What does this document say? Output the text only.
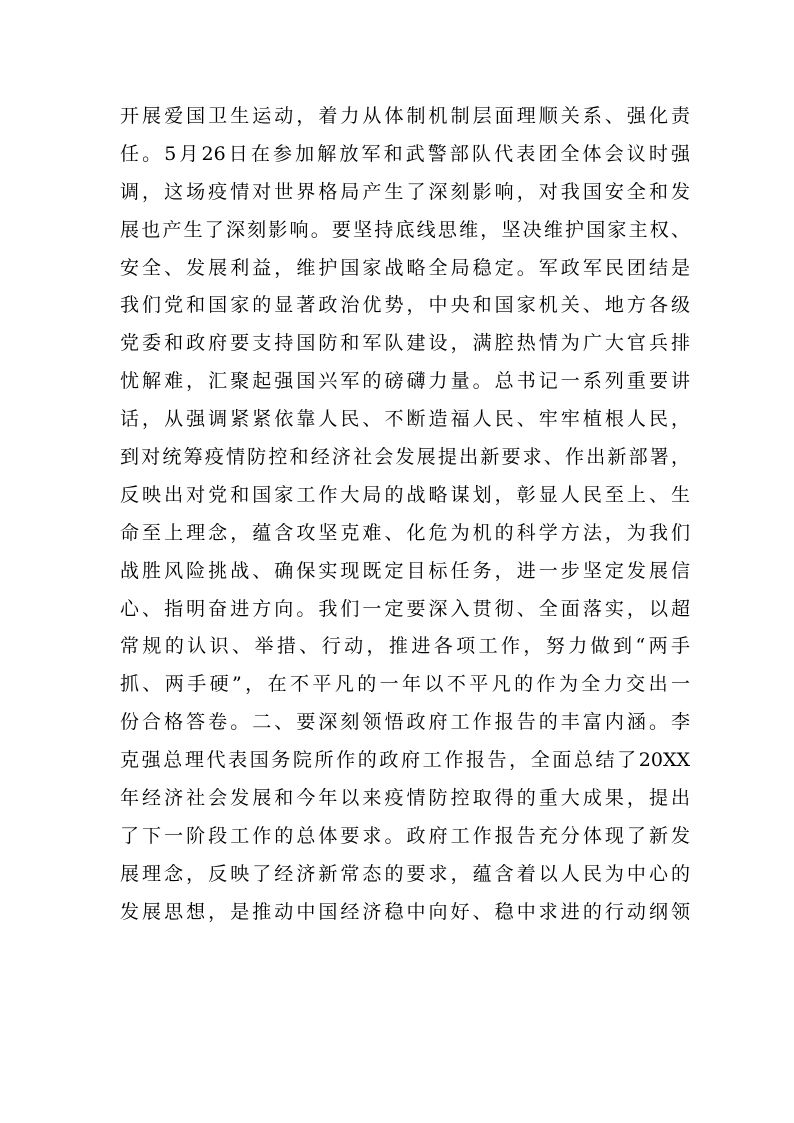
开展爱国卫生运动，着力从体制机制层面理顺关系、强化责
任。5月26日在参加解放军和武警部队代表团全体会议时强
调，这场疫情对世界格局产生了深刻影响，对我国安全和发
展也产生了深刻影响。要坚持底线思维，坚决维护国家主权、
安全、发展利益，维护国家战略全局稳定。军政军民团结是
我们党和国家的显著政治优势，中央和国家机关、地方各级
党委和政府要支持国防和军队建设，满腔热情为广大官兵排
忧解难，汇聚起强国兴军的磅礴力量。总书记一系列重要讲
话，从强调紧紧依靠人民、不断造福人民、牢牢植根人民，
到对统筹疫情防控和经济社会发展提出新要求、作出新部署，
反映出对党和国家工作大局的战略谋划，彰显人民至上、生
命至上理念，蕴含攻坚克难、化危为机的科学方法，为我们
战胜风险挑战、确保实现既定目标任务，进一步坚定发展信
心、指明奋进方向。我们一定要深入贯彻、全面落实，以超
常规的认识、举措、行动，推进各项工作，努力做到“两手
抓、两手硬”，在不平凡的一年以不平凡的作为全力交出一
份合格答卷。二、要深刻领悟政府工作报告的丰富内涵。李
克强总理代表国务院所作的政府工作报告，全面总结了20XX
年经济社会发展和今年以来疫情防控取得的重大成果，提出
了下一阶段工作的总体要求。政府工作报告充分体现了新发
展理念，反映了经济新常态的要求，蕴含着以人民为中心的
发展思想，是推动中国经济稳中向好、稳中求进的行动纲领
